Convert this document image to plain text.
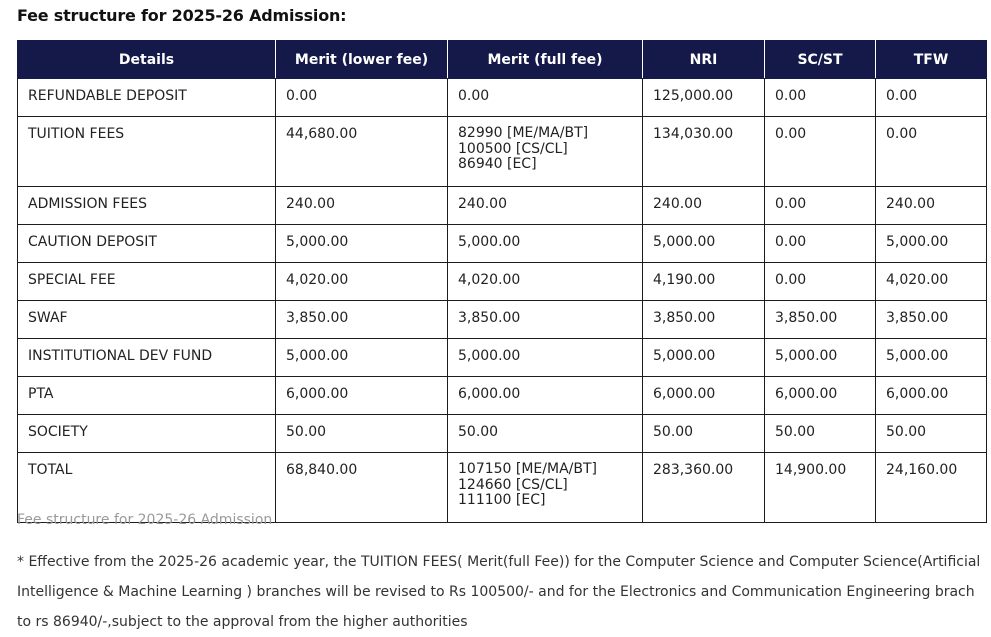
Fee structure for 2025-26 Admission:
Details	Merit (lower fee)	Merit (full fee)	NRI	SC/ST	TFW
REFUNDABLE DEPOSIT	0.00	0.00	125,000.00	0.00	0.00
TUITION FEES	44,680.00	82990 [ME/MA/BT]
100500 [CS/CL]
86940 [EC]	134,030.00	0.00	0.00
ADMISSION FEES	240.00	240.00	240.00	0.00	240.00
CAUTION DEPOSIT	5,000.00	5,000.00	5,000.00	0.00	5,000.00
SPECIAL FEE	4,020.00	4,020.00	4,190.00	0.00	4,020.00
SWAF	3,850.00	3,850.00	3,850.00	3,850.00	3,850.00
INSTITUTIONAL DEV FUND	5,000.00	5,000.00	5,000.00	5,000.00	5,000.00
PTA	6,000.00	6,000.00	6,000.00	6,000.00	6,000.00
SOCIETY	50.00	50.00	50.00	50.00	50.00
TOTAL	68,840.00	107150 [ME/MA/BT]
124660 [CS/CL]
111100 [EC]	283,360.00	14,900.00	24,160.00
Fee structure for 2025-26 Admission
* Effective from the 2025-26 academic year, the TUITION FEES( Merit(full Fee)) for the Computer Science and Computer Science(Artificial Intelligence & Machine Learning ) branches will be revised to Rs 100500/- and for the Electronics and Communication Engineering brach to rs 86940/-,subject to the approval from the higher authorities
